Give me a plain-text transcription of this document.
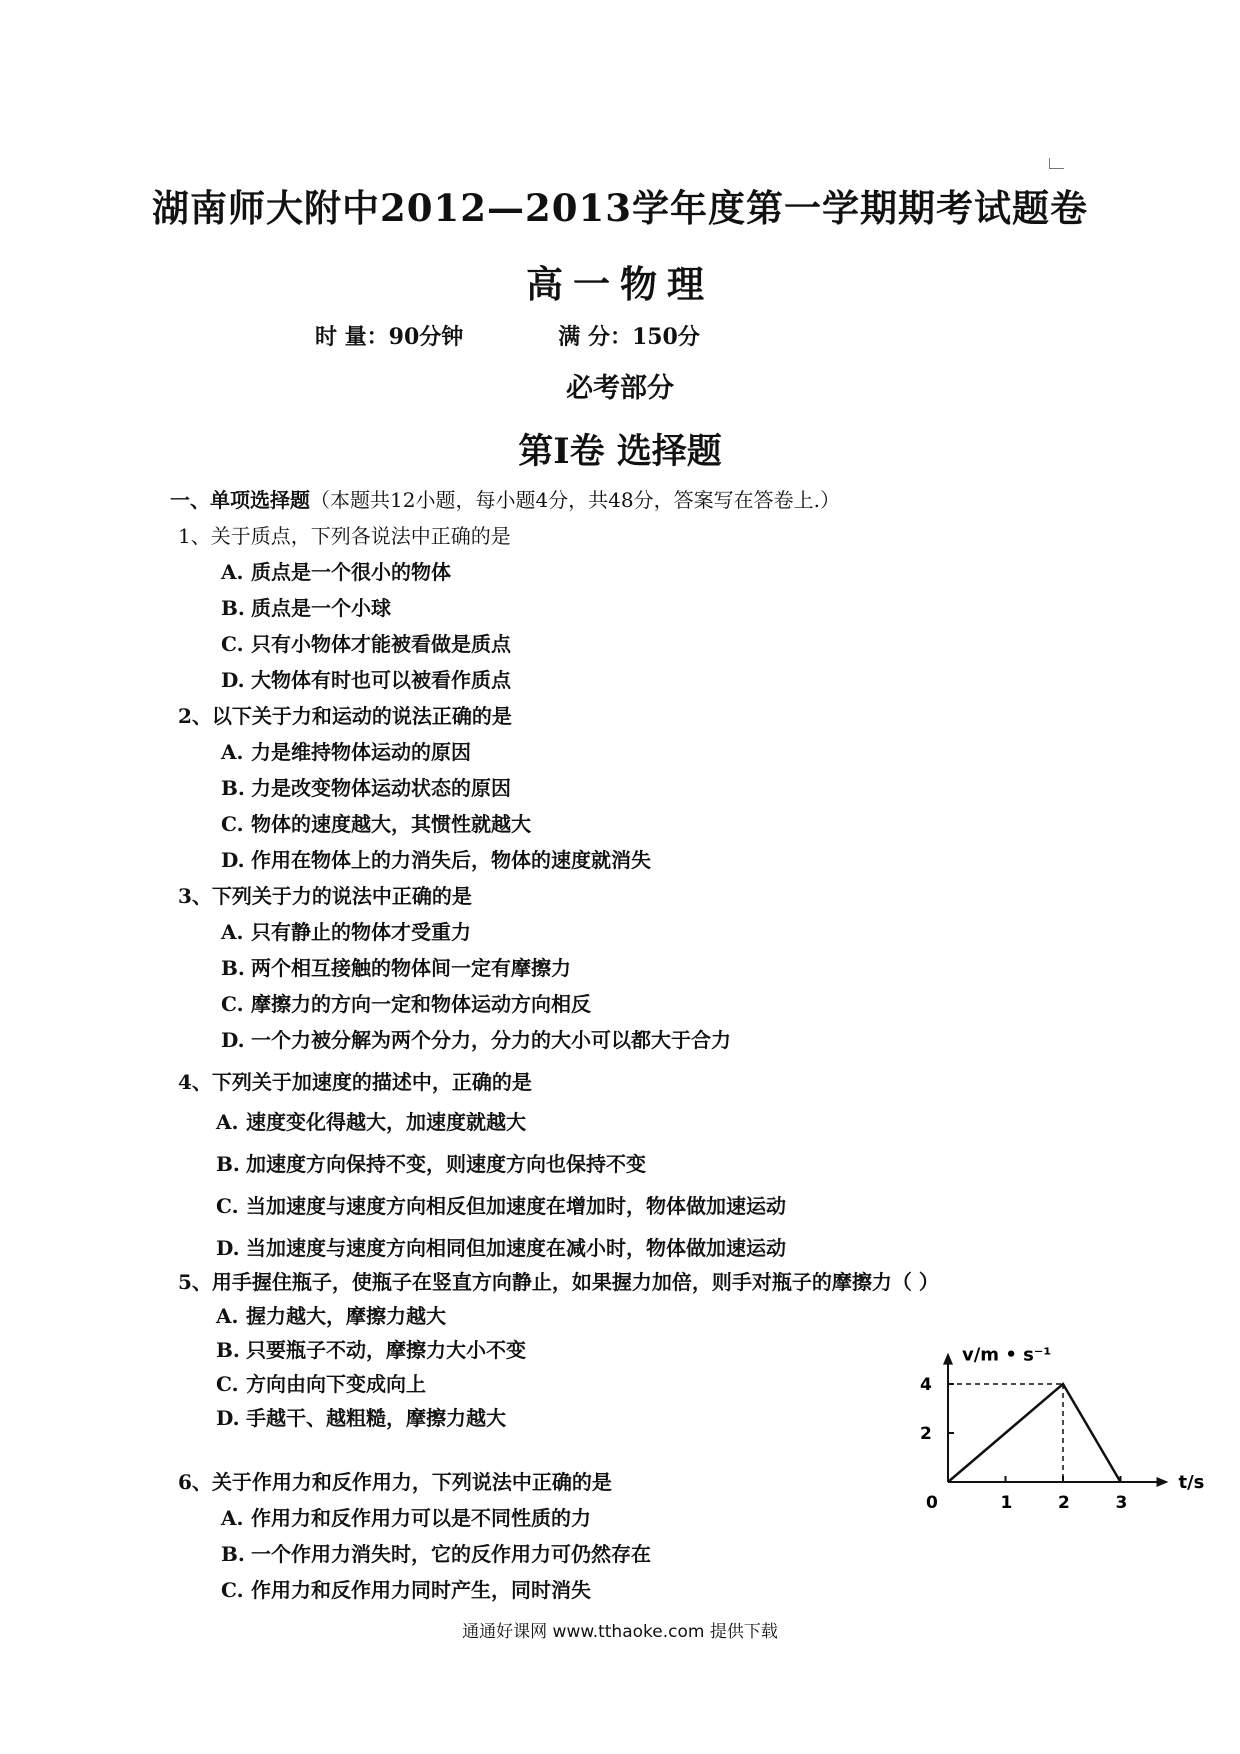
湖南师大附中2012—2013学年度第一学期期考试题卷
高一物理
时 量：90分钟	满 分：150分
必考部分
第Ⅰ卷 选择题
一、单项选择题（本题共12小题，每小题4分，共48分，答案写在答卷上.）
1、关于质点，下列各说法中正确的是
A. 质点是一个很小的物体
B. 质点是一个小球
C. 只有小物体才能被看做是质点
D. 大物体有时也可以被看作质点
2、以下关于力和运动的说法正确的是
A. 力是维持物体运动的原因
B. 力是改变物体运动状态的原因
C. 物体的速度越大，其惯性就越大
D. 作用在物体上的力消失后，物体的速度就消失
3、下列关于力的说法中正确的是
A. 只有静止的物体才受重力
B. 两个相互接触的物体间一定有摩擦力
C. 摩擦力的方向一定和物体运动方向相反
D. 一个力被分解为两个分力，分力的大小可以都大于合力
4、下列关于加速度的描述中，正确的是
A. 速度变化得越大，加速度就越大
B. 加速度方向保持不变，则速度方向也保持不变
C. 当加速度与速度方向相反但加速度在增加时，物体做加速运动
D. 当加速度与速度方向相同但加速度在减小时，物体做加速运动
5、用手握住瓶子，使瓶子在竖直方向静止，如果握力加倍，则手对瓶子的摩擦力（ ）
A. 握力越大，摩擦力越大
B. 只要瓶子不动，摩擦力大小不变
C. 方向由向下变成向上
D. 手越干、越粗糙，摩擦力越大
6、关于作用力和反作用力，下列说法中正确的是
A. 作用力和反作用力可以是不同性质的力
B. 一个作用力消失时，它的反作用力可仍然存在
C. 作用力和反作用力同时产生，同时消失
v/m • s⁻¹
t/s
0	1	2	3
2
4
通通好课网 www.tthaoke.com 提供下载
